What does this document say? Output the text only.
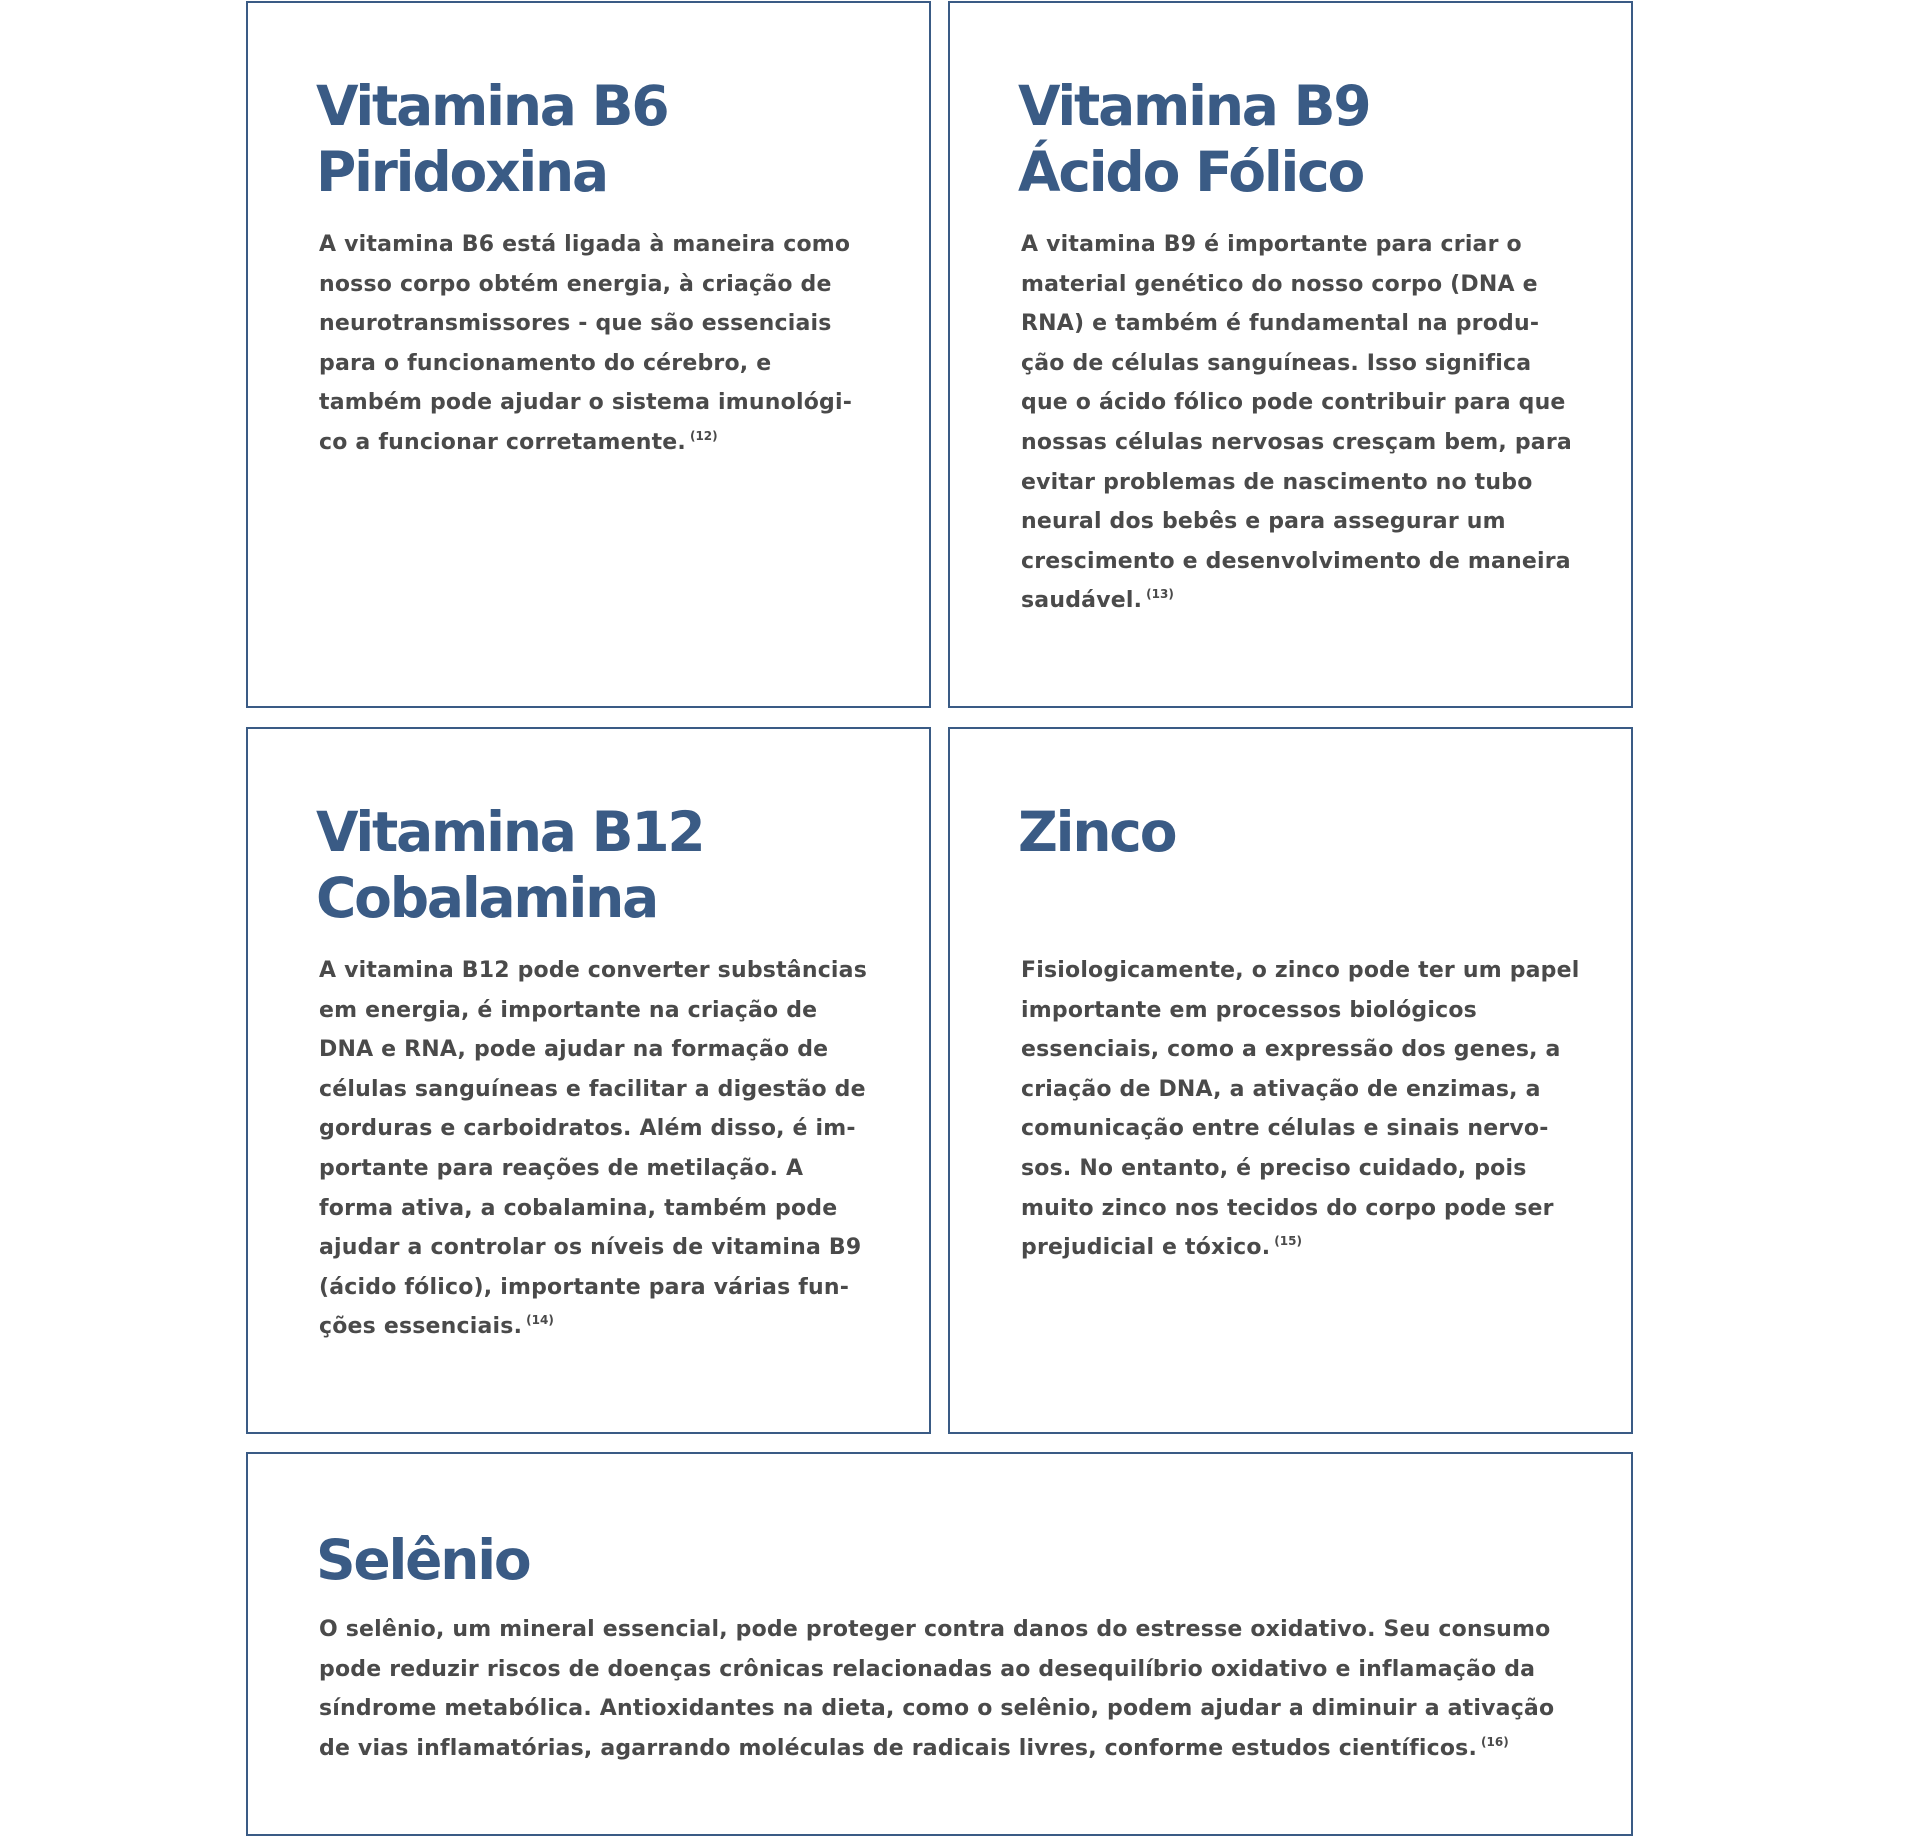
Vitamina B6
Piridoxina

A vitamina B6 está ligada à maneira como nosso corpo obtém energia, à criação de neurotransmissores - que são essenciais para o funcionamento do cérebro, e também pode ajudar o sistema imunológi-co a funcionar corretamente. $^{(12)}$

Vitamina B9
Ácido Fólico

A vitamina B9 é importante para criar o material genético do nosso corpo (DNA e RNA) e também é fundamental na produ-ção de células sanguíneas. Isso significa que o ácido fólico pode contribuir para que nossas células nervosas cresçam bem, para evitar problemas de nascimento no tubo neural dos bebês e para assegurar um crescimento e desenvolvimento de maneira saudável. $^{(13)}$

Vitamina B12
Cobalamina

A vitamina B12 pode converter substâncias em energia, é importante na criação de DNA e RNA, pode ajudar na formação de células sanguíneas e facilitar a digestão de gorduras e carboidratos. Além disso, é im-portante para reações de metilação. A forma ativa, a cobalamina, também pode ajudar a controlar os níveis de vitamina B9 (ácido fólico), importante para várias fun-ções essenciais. $^{(14)}$

Zinco

Fisiologicamente, o zinco pode ter um papel importante em processos biológicos essenciais, como a expressão dos genes, a criação de DNA, a ativação de enzimas, a comunicação entre células e sinais nervo-sos. No entanto, é preciso cuidado, pois muito zinco nos tecidos do corpo pode ser prejudicial e tóxico. $^{(15)}$

Selênio

O selênio, um mineral essencial, pode proteger contra danos do estresse oxidativo. Seu consumo pode reduzir riscos de doenças crônicas relacionadas ao desequilíbrio oxidativo e inflamação da síndrome metabólica. Antioxidantes na dieta, como o selênio, podem ajudar a diminuir a ativação de vias inflamatórias, agarrando moléculas de radicais livres, conforme estudos científicos. $^{(16)}$
